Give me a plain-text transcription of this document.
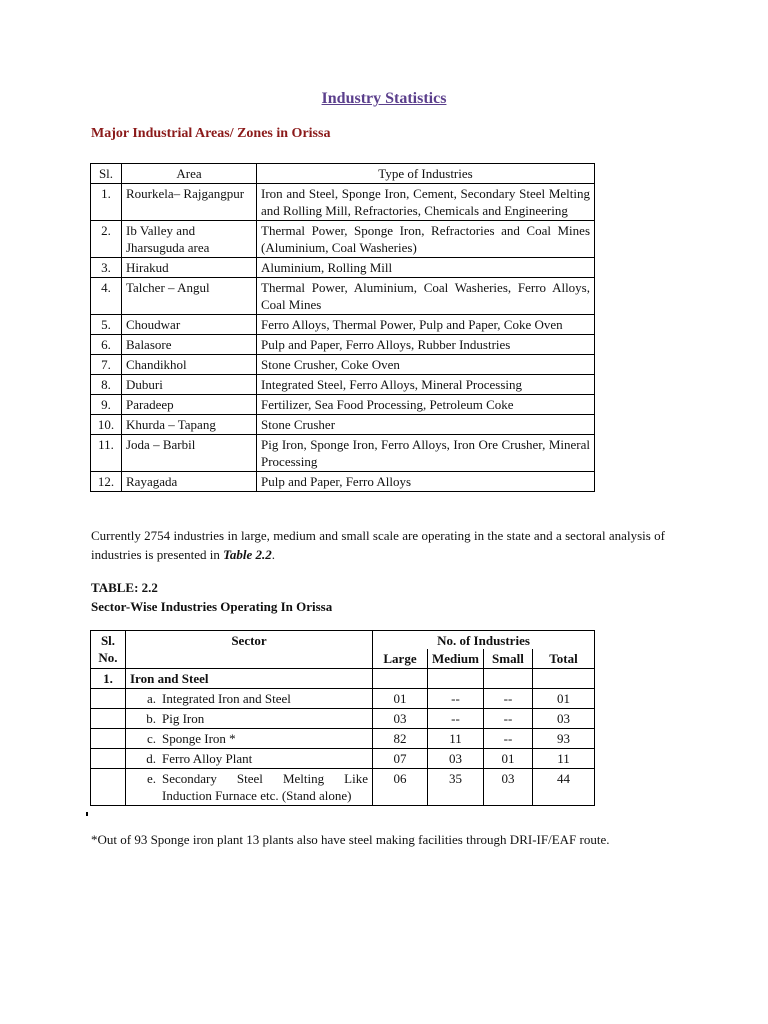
Industry Statistics
Major Industrial Areas/ Zones in Orissa
Sl.	Area	Type of Industries
1.	Rourkela– Rajgangpur	Iron and Steel, Sponge Iron, Cement, Secondary Steel Melting and Rolling Mill, Refractories, Chemicals and Engineering
2.	Ib Valley and Jharsuguda area	Thermal Power, Sponge Iron, Refractories and Coal Mines (Aluminium, Coal Washeries)
3.	Hirakud	Aluminium, Rolling Mill
4.	Talcher – Angul	Thermal Power, Aluminium, Coal Washeries, Ferro Alloys, Coal Mines
5.	Choudwar	Ferro Alloys, Thermal Power, Pulp and Paper, Coke Oven
6.	Balasore	Pulp and Paper, Ferro Alloys, Rubber Industries
7.	Chandikhol	Stone Crusher, Coke Oven
8.	Duburi	Integrated Steel, Ferro Alloys, Mineral Processing
9.	Paradeep	Fertilizer, Sea Food Processing, Petroleum Coke
10.	Khurda – Tapang	Stone Crusher
11.	Joda – Barbil	Pig Iron, Sponge Iron, Ferro Alloys, Iron Ore Crusher, Mineral Processing
12.	Rayagada	Pulp and Paper, Ferro Alloys
Currently 2754 industries in large, medium and small scale are operating in the state and a sectoral analysis of industries is presented in Table 2.2.
TABLE: 2.2
Sector-Wise Industries Operating In Orissa
Sl. No.	Sector	No. of Industries			
		Large	Medium	Small	Total
1.	Iron and Steel				

	a. Integrated Iron and Steel	01	--	--	01

	b. Pig Iron	03	--	--	03

	c. Sponge Iron *	82	11	--	93

	d. Ferro Alloy Plant	07	03	01	11

	e. Secondary Steel Melting Like Induction Furnace etc. (Stand alone)	06	35	03	44
*Out of 93 Sponge iron plant 13 plants also have steel making facilities through DRI-IF/EAF route.
